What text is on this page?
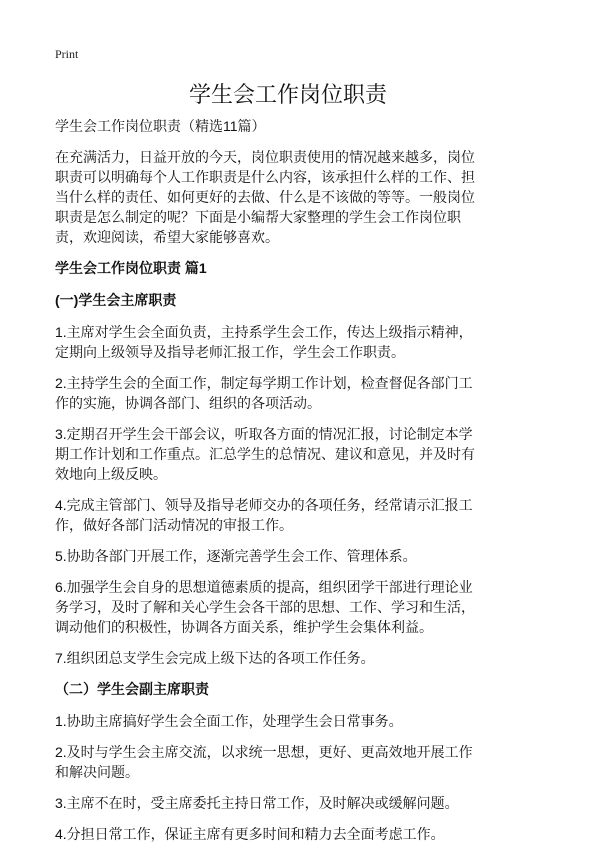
Print
学生会工作岗位职责

学生会工作岗位职责（精选11篇）

在充满活力，日益开放的今天，岗位职责使用的情况越来越多，岗位职责可以明确每个人工作职责是什么内容，该承担什么样的工作、担当什么样的责任、如何更好的去做、什么是不该做的等等。一般岗位职责是怎么制定的呢？下面是小编帮大家整理的学生会工作岗位职责，欢迎阅读，希望大家能够喜欢。

学生会工作岗位职责 篇1

(一)学生会主席职责

1.主席对学生会全面负责，主持系学生会工作，传达上级指示精神，定期向上级领导及指导老师汇报工作，学生会工作职责。

2.主持学生会的全面工作，制定每学期工作计划，检查督促各部门工作的实施，协调各部门、组织的各项活动。

3.定期召开学生会干部会议，听取各方面的情况汇报，讨论制定本学期工作计划和工作重点。汇总学生的总情况、建议和意见，并及时有效地向上级反映。

4.完成主管部门、领导及指导老师交办的各项任务，经常请示汇报工作，做好各部门活动情况的审报工作。

5.协助各部门开展工作，逐渐完善学生会工作、管理体系。

6.加强学生会自身的思想道德素质的提高，组织团学干部进行理论业务学习，及时了解和关心学生会各干部的思想、工作、学习和生活，调动他们的积极性，协调各方面关系，维护学生会集体利益。

7.组织团总支学生会完成上级下达的各项工作任务。

（二）学生会副主席职责

1.协助主席搞好学生会全面工作，处理学生会日常事务。

2.及时与学生会主席交流，以求统一思想，更好、更高效地开展工作和解决问题。

3.主席不在时，受主席委托主持日常工作，及时解决或缓解问题。

4.分担日常工作，保证主席有更多时间和精力去全面考虑工作。
